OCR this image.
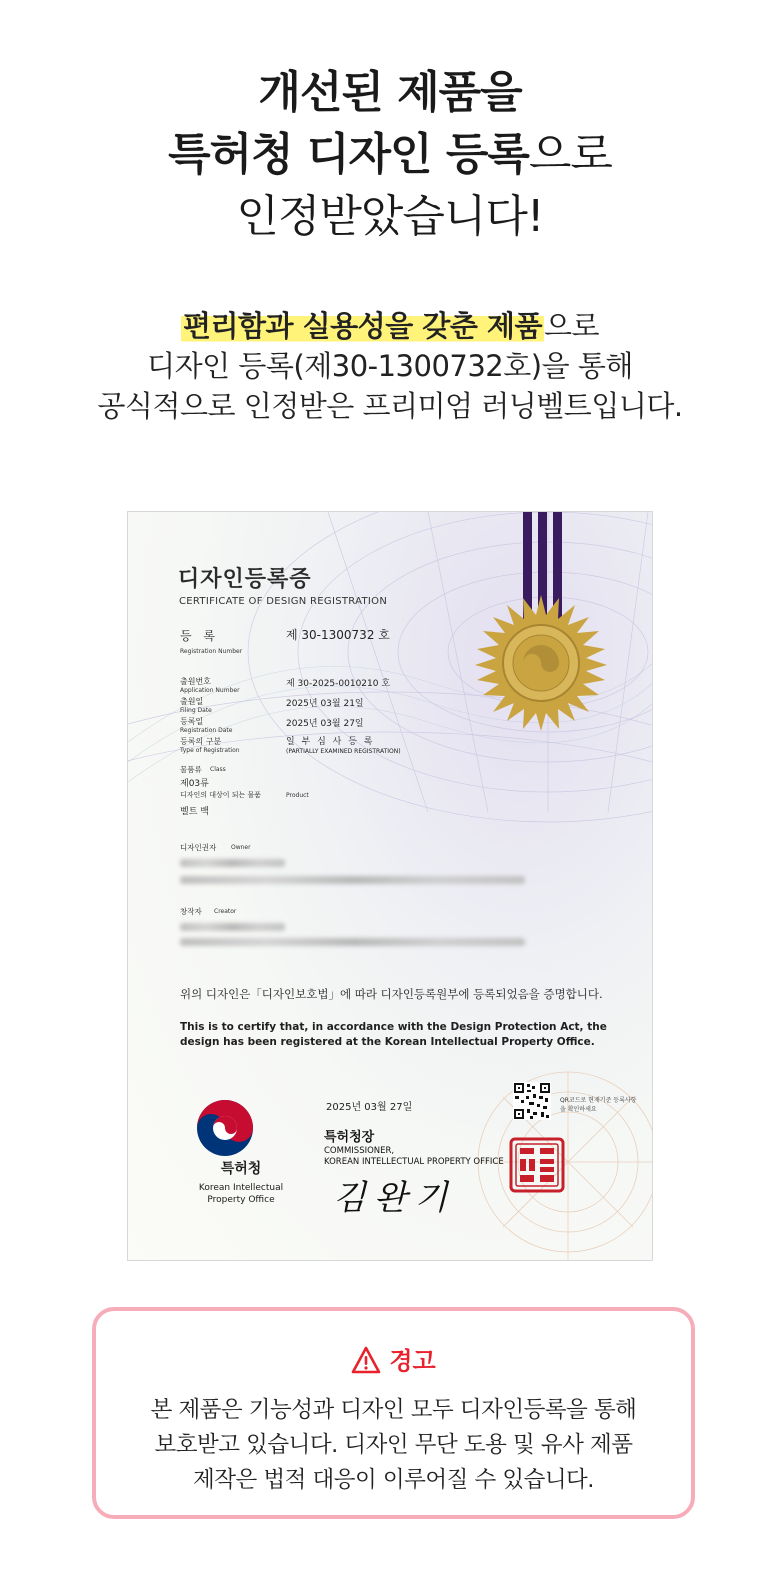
개선된 제품을
특허청 디자인 등록으로
인정받았습니다!
편리함과 실용성을 갖춘 제품으로
디자인 등록(제30-1300732호)을 통해
공식적으로 인정받은 프리미엄 러닝벨트입니다.
디자인등록증
CERTIFICATE OF DESIGN REGISTRATION
등 록
Registration Number
제 30-1300732 호
출원번호
Application Number
제 30-2025-0010210 호
출원일
Filing Date
2025년 03월 21일
등록일
Registration Date
2025년 03월 27일
등록의 구분
Type of Registration
일 부 심 사 등 록
(PARTIALLY EXAMINED REGISTRATION)
물품류 Class
제03류
디자인의 대상이 되는 물품	Product
벨트 백
디자인권자 Owner
창작자 Creator
위의 디자인은「디자인보호법」에 따라 디자인등록원부에 등록되었음을 증명합니다.
This is to certify that, in accordance with the Design Protection Act, the design has been registered at the Korean Intellectual Property Office.
특허청
Korean Intellectual
Property Office
2025년 03월 27일
QR코드로 현재기준 등록사항을 확인하세요
특허청장
COMMISSIONER,
KOREAN INTELLECTUAL PROPERTY OFFICE
김완기
경고
본 제품은 기능성과 디자인 모두 디자인등록을 통해
보호받고 있습니다. 디자인 무단 도용 및 유사 제품
제작은 법적 대응이 이루어질 수 있습니다.
